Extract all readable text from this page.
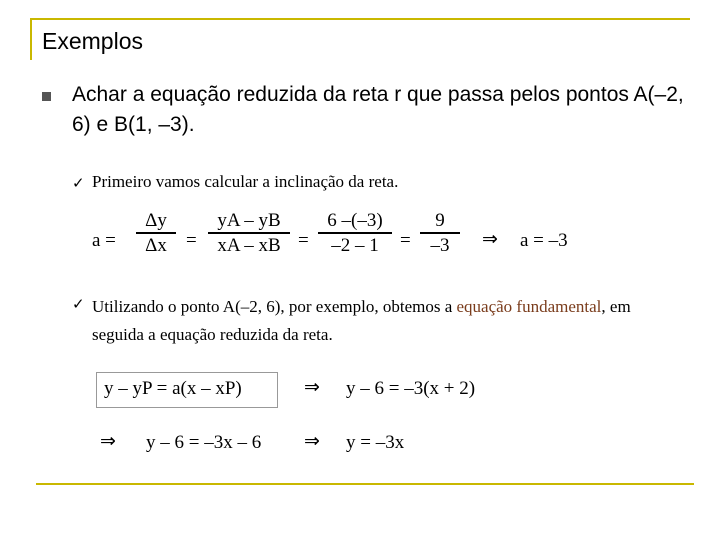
Exemplos
Achar a equação reduzida da reta r que passa pelos pontos A(–2, 6) e B(1, –3).
✓ Primeiro vamos calcular a inclinação da reta.
$a = \frac{\Delta y}{\Delta x} = \frac{yA - yB}{xA - xB} = \frac{6 -(-3)}{-2 - 1} = \frac{9}{-3}$ ⇒ a = –3
✓ Utilizando o ponto A(–2, 6), por exemplo, obtemos a equação fundamental, em seguida a equação reduzida da reta.
y – yP = a(x – xP)	⇒ y – 6 = –3(x + 2)
⇒ y – 6 = –3x – 6 ⇒ y = –3x
